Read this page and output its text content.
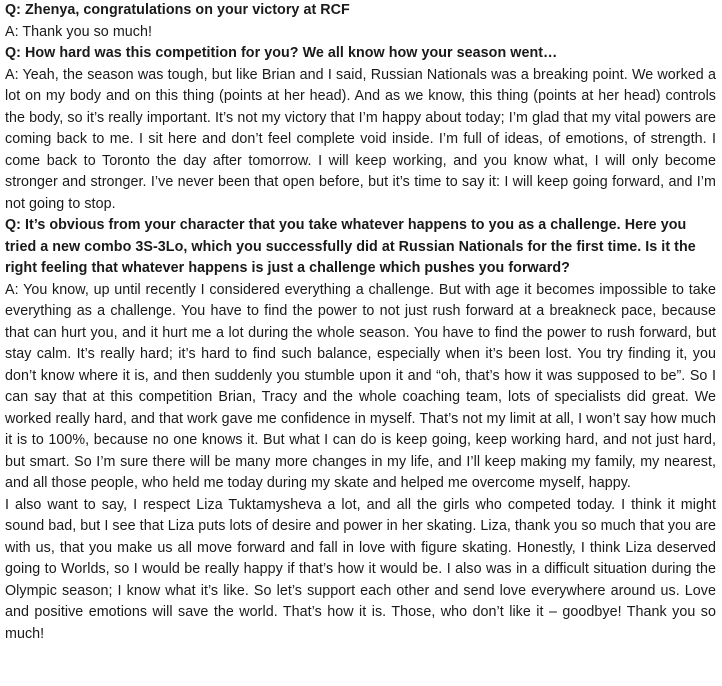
Q: Zhenya, congratulations on your victory at RCF

A: Thank you so much!

Q: How hard was this competition for you? We all know how your season went…

A: Yeah, the season was tough, but like Brian and I said, Russian Nationals was a breaking point. We worked a lot on my body and on this thing (points at her head). And as we know, this thing (points at her head) controls the body, so it’s really important. It’s not my victory that I’m happy about today; I’m glad that my vital powers are coming back to me. I sit here and don’t feel complete void inside. I’m full of ideas, of emotions, of strength. I come back to Toronto the day after tomorrow. I will keep working, and you know what, I will only become stronger and stronger. I’ve never been that open before, but it’s time to say it: I will keep going forward, and I’m not going to stop.

Q: It’s obvious from your character that you take whatever happens to you as a challenge. Here you tried a new combo 3S-3Lo, which you successfully did at Russian Nationals for the first time. Is it the right feeling that whatever happens is just a challenge which pushes you forward?

A: You know, up until recently I considered everything a challenge. But with age it becomes impossible to take everything as a challenge. You have to find the power to not just rush forward at a breakneck pace, because that can hurt you, and it hurt me a lot during the whole season. You have to find the power to rush forward, but stay calm. It’s really hard; it’s hard to find such balance, especially when it’s been lost. You try finding it, you don’t know where it is, and then suddenly you stumble upon it and “oh, that’s how it was supposed to be”. So I can say that at this competition Brian, Tracy and the whole coaching team, lots of specialists did great. We worked really hard, and that work gave me confidence in myself. That’s not my limit at all, I won’t say how much it is to 100%, because no one knows it. But what I can do is keep going, keep working hard, and not just hard, but smart. So I’m sure there will be many more changes in my life, and I’ll keep making my family, my nearest, and all those people, who held me today during my skate and helped me overcome myself, happy.

I also want to say, I respect Liza Tuktamysheva a lot, and all the girls who competed today. I think it might sound bad, but I see that Liza puts lots of desire and power in her skating. Liza, thank you so much that you are with us, that you make us all move forward and fall in love with figure skating. Honestly, I think Liza deserved going to Worlds, so I would be really happy if that’s how it would be. I also was in a difficult situation during the Olympic season; I know what it’s like. So let’s support each other and send love everywhere around us. Love and positive emotions will save the world. That’s how it is. Those, who don’t like it – goodbye! Thank you so much!
